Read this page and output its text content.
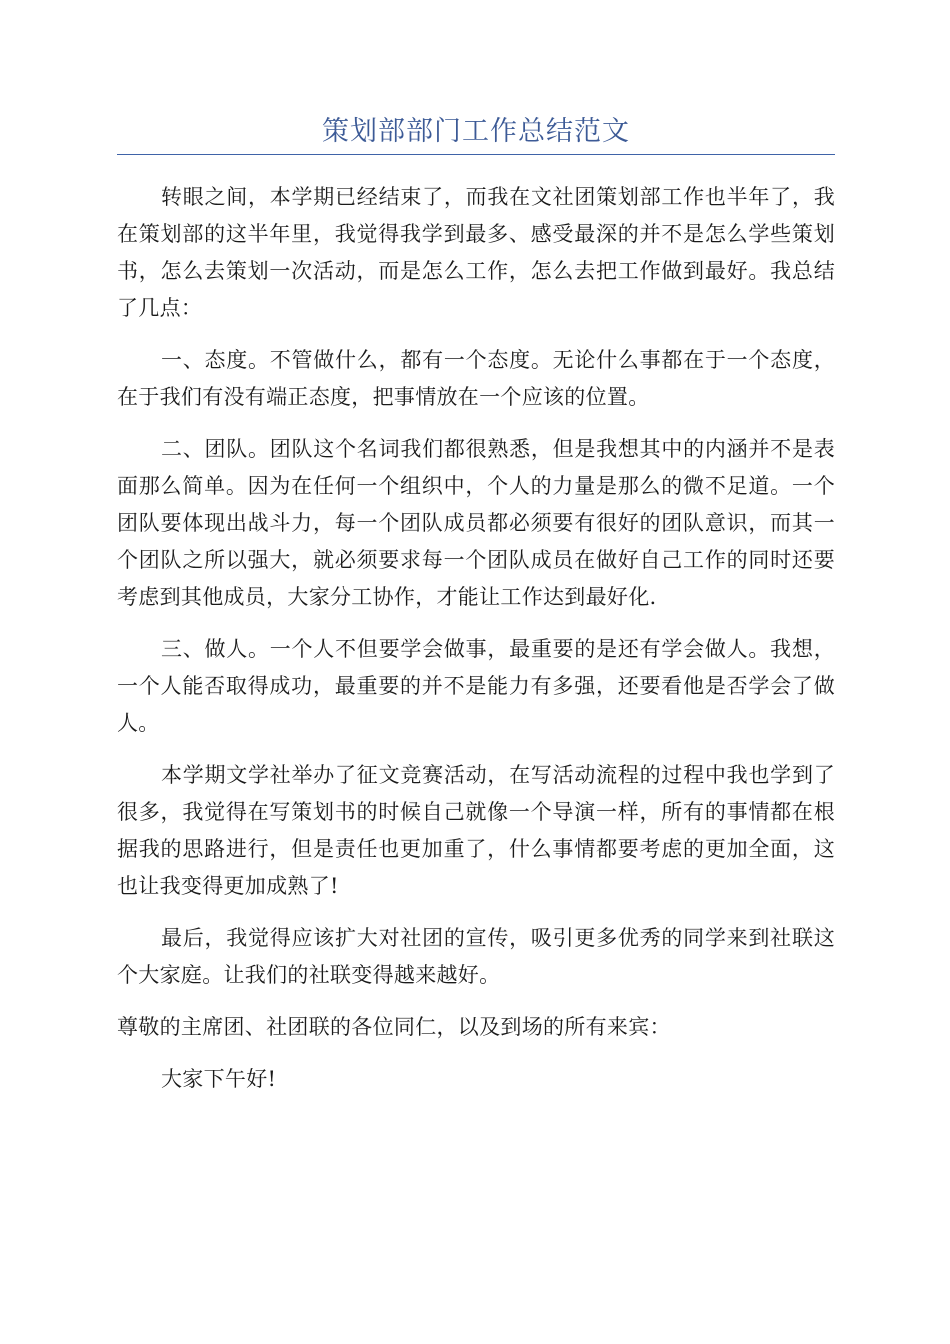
策划部部门工作总结范文

转眼之间，本学期已经结束了，而我在文社团策划部工作也半年了，我在策划部的这半年里，我觉得我学到最多、感受最深的并不是怎么学些策划书，怎么去策划一次活动，而是怎么工作，怎么去把工作做到最好。我总结了几点：

一、态度。不管做什么，都有一个态度。无论什么事都在于一个态度，在于我们有没有端正态度，把事情放在一个应该的位置。

二、团队。团队这个名词我们都很熟悉，但是我想其中的内涵并不是表面那么简单。因为在任何一个组织中，个人的力量是那么的微不足道。一个团队要体现出战斗力，每一个团队成员都必须要有很好的团队意识，而其一个团队之所以强大，就必须要求每一个团队成员在做好自己工作的同时还要考虑到其他成员，大家分工协作，才能让工作达到最好化.

三、做人。一个人不但要学会做事，最重要的是还有学会做人。我想，一个人能否取得成功，最重要的并不是能力有多强，还要看他是否学会了做人。

本学期文学社举办了征文竞赛活动，在写活动流程的过程中我也学到了很多，我觉得在写策划书的时候自己就像一个导演一样，所有的事情都在根据我的思路进行，但是责任也更加重了，什么事情都要考虑的更加全面，这也让我变得更加成熟了!

最后，我觉得应该扩大对社团的宣传，吸引更多优秀的同学来到社联这个大家庭。让我们的社联变得越来越好。

尊敬的主席团、社团联的各位同仁，以及到场的所有来宾：

大家下午好!
